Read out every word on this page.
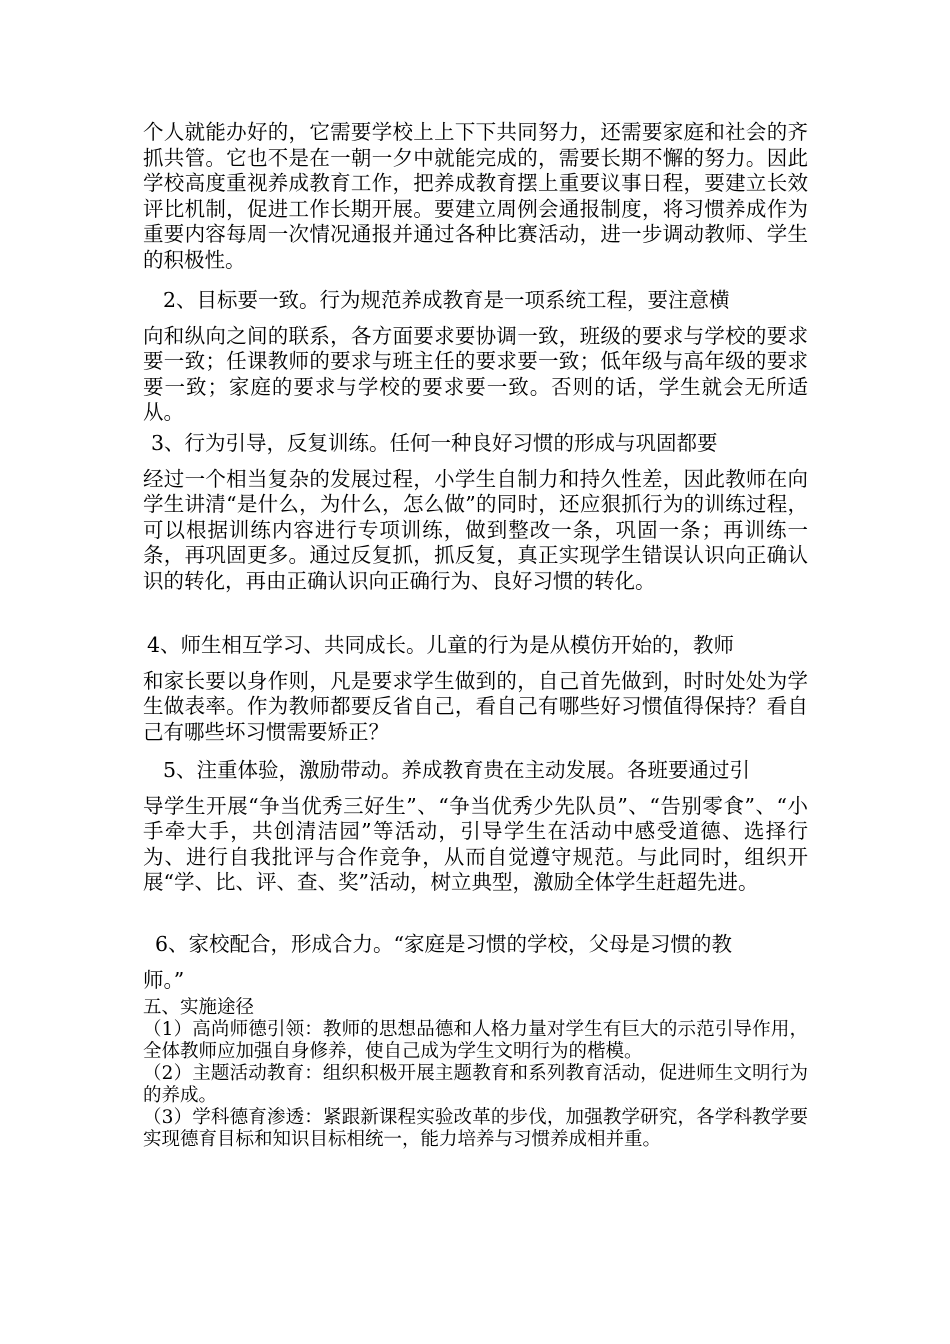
个人就能办好的，它需要学校上上下下共同努力，还需要家庭和社会的齐抓共管。它也不是在一朝一夕中就能完成的，需要长期不懈的努力。因此学校高度重视养成教育工作，把养成教育摆上重要议事日程，要建立长效评比机制，促进工作长期开展。要建立周例会通报制度，将习惯养成作为重要内容每周一次情况通报并通过各种比赛活动，进一步调动教师、学生的积极性。

2、目标要一致。行为规范养成教育是一项系统工程，要注意横

向和纵向之间的联系，各方面要求要协调一致，班级的要求与学校的要求要一致；任课教师的要求与班主任的要求要一致；低年级与高年级的要求要一致；家庭的要求与学校的要求要一致。否则的话，学生就会无所适从。

3、行为引导，反复训练。任何一种良好习惯的形成与巩固都要

经过一个相当复杂的发展过程，小学生自制力和持久性差，因此教师在向学生讲清“是什么，为什么，怎么做”的同时，还应狠抓行为的训练过程，可以根据训练内容进行专项训练，做到整改一条，巩固一条；再训练一条，再巩固更多。通过反复抓，抓反复，真正实现学生错误认识向正确认识的转化，再由正确认识向正确行为、良好习惯的转化。

4、师生相互学习、共同成长。儿童的行为是从模仿开始的，教师

和家长要以身作则，凡是要求学生做到的，自己首先做到，时时处处为学生做表率。作为教师都要反省自己，看自己有哪些好习惯值得保持？看自己有哪些坏习惯需要矫正？

5、注重体验，激励带动。养成教育贵在主动发展。各班要通过引

导学生开展“争当优秀三好生”、“争当优秀少先队员”、“告别零食”、“小手牵大手，共创清洁园”等活动，引导学生在活动中感受道德、选择行为、进行自我批评与合作竞争，从而自觉遵守规范。与此同时，组织开展“学、比、评、查、奖”活动，树立典型，激励全体学生赶超先进。

6、家校配合，形成合力。“家庭是习惯的学校，父母是习惯的教

师。”

五、实施途径

（1）高尚师德引领：教师的思想品德和人格力量对学生有巨大的示范引导作用，全体教师应加强自身修养，使自己成为学生文明行为的楷模。

（2）主题活动教育：组织积极开展主题教育和系列教育活动，促进师生文明行为的养成。

（3）学科德育渗透：紧跟新课程实验改革的步伐，加强教学研究，各学科教学要实现德育目标和知识目标相统一，能力培养与习惯养成相并重。
